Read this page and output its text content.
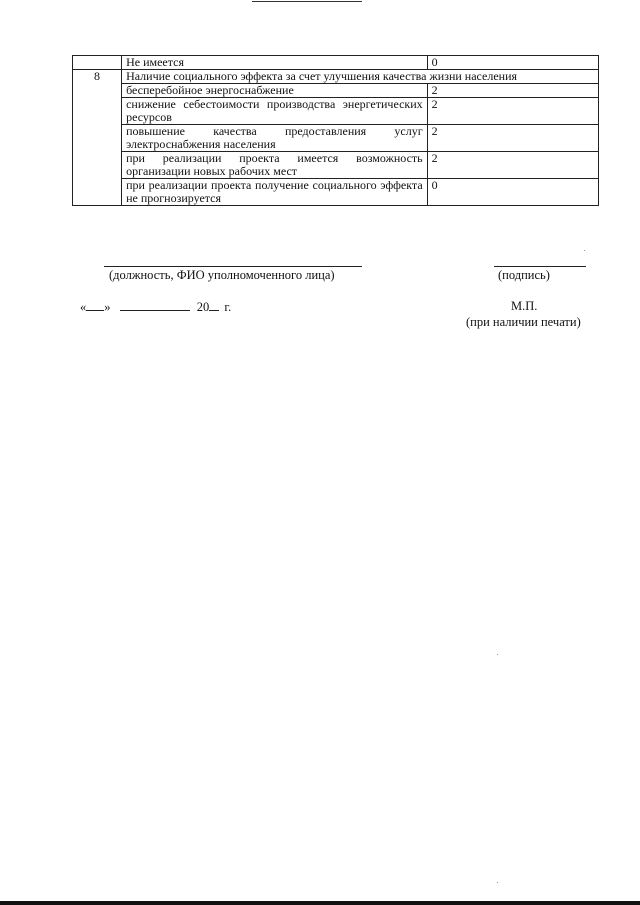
	Не имеется	0
8	Наличие социального эффекта за счет улучшения качества жизни населения	
	бесперебойное энергоснабжение	2
	снижение себестоимости производства энергетических ресурсов	2
	повышение качества предоставления услуг электроснабжения населения	2
	при реализации проекта имеется возможность организации новых рабочих мест	2
	при реализации проекта получение социального эффекта не прогнозируется	0
(должность, ФИО уполномоченного лица)	(подпись)
« »	20 г.	М.П.
(при наличии печати)
